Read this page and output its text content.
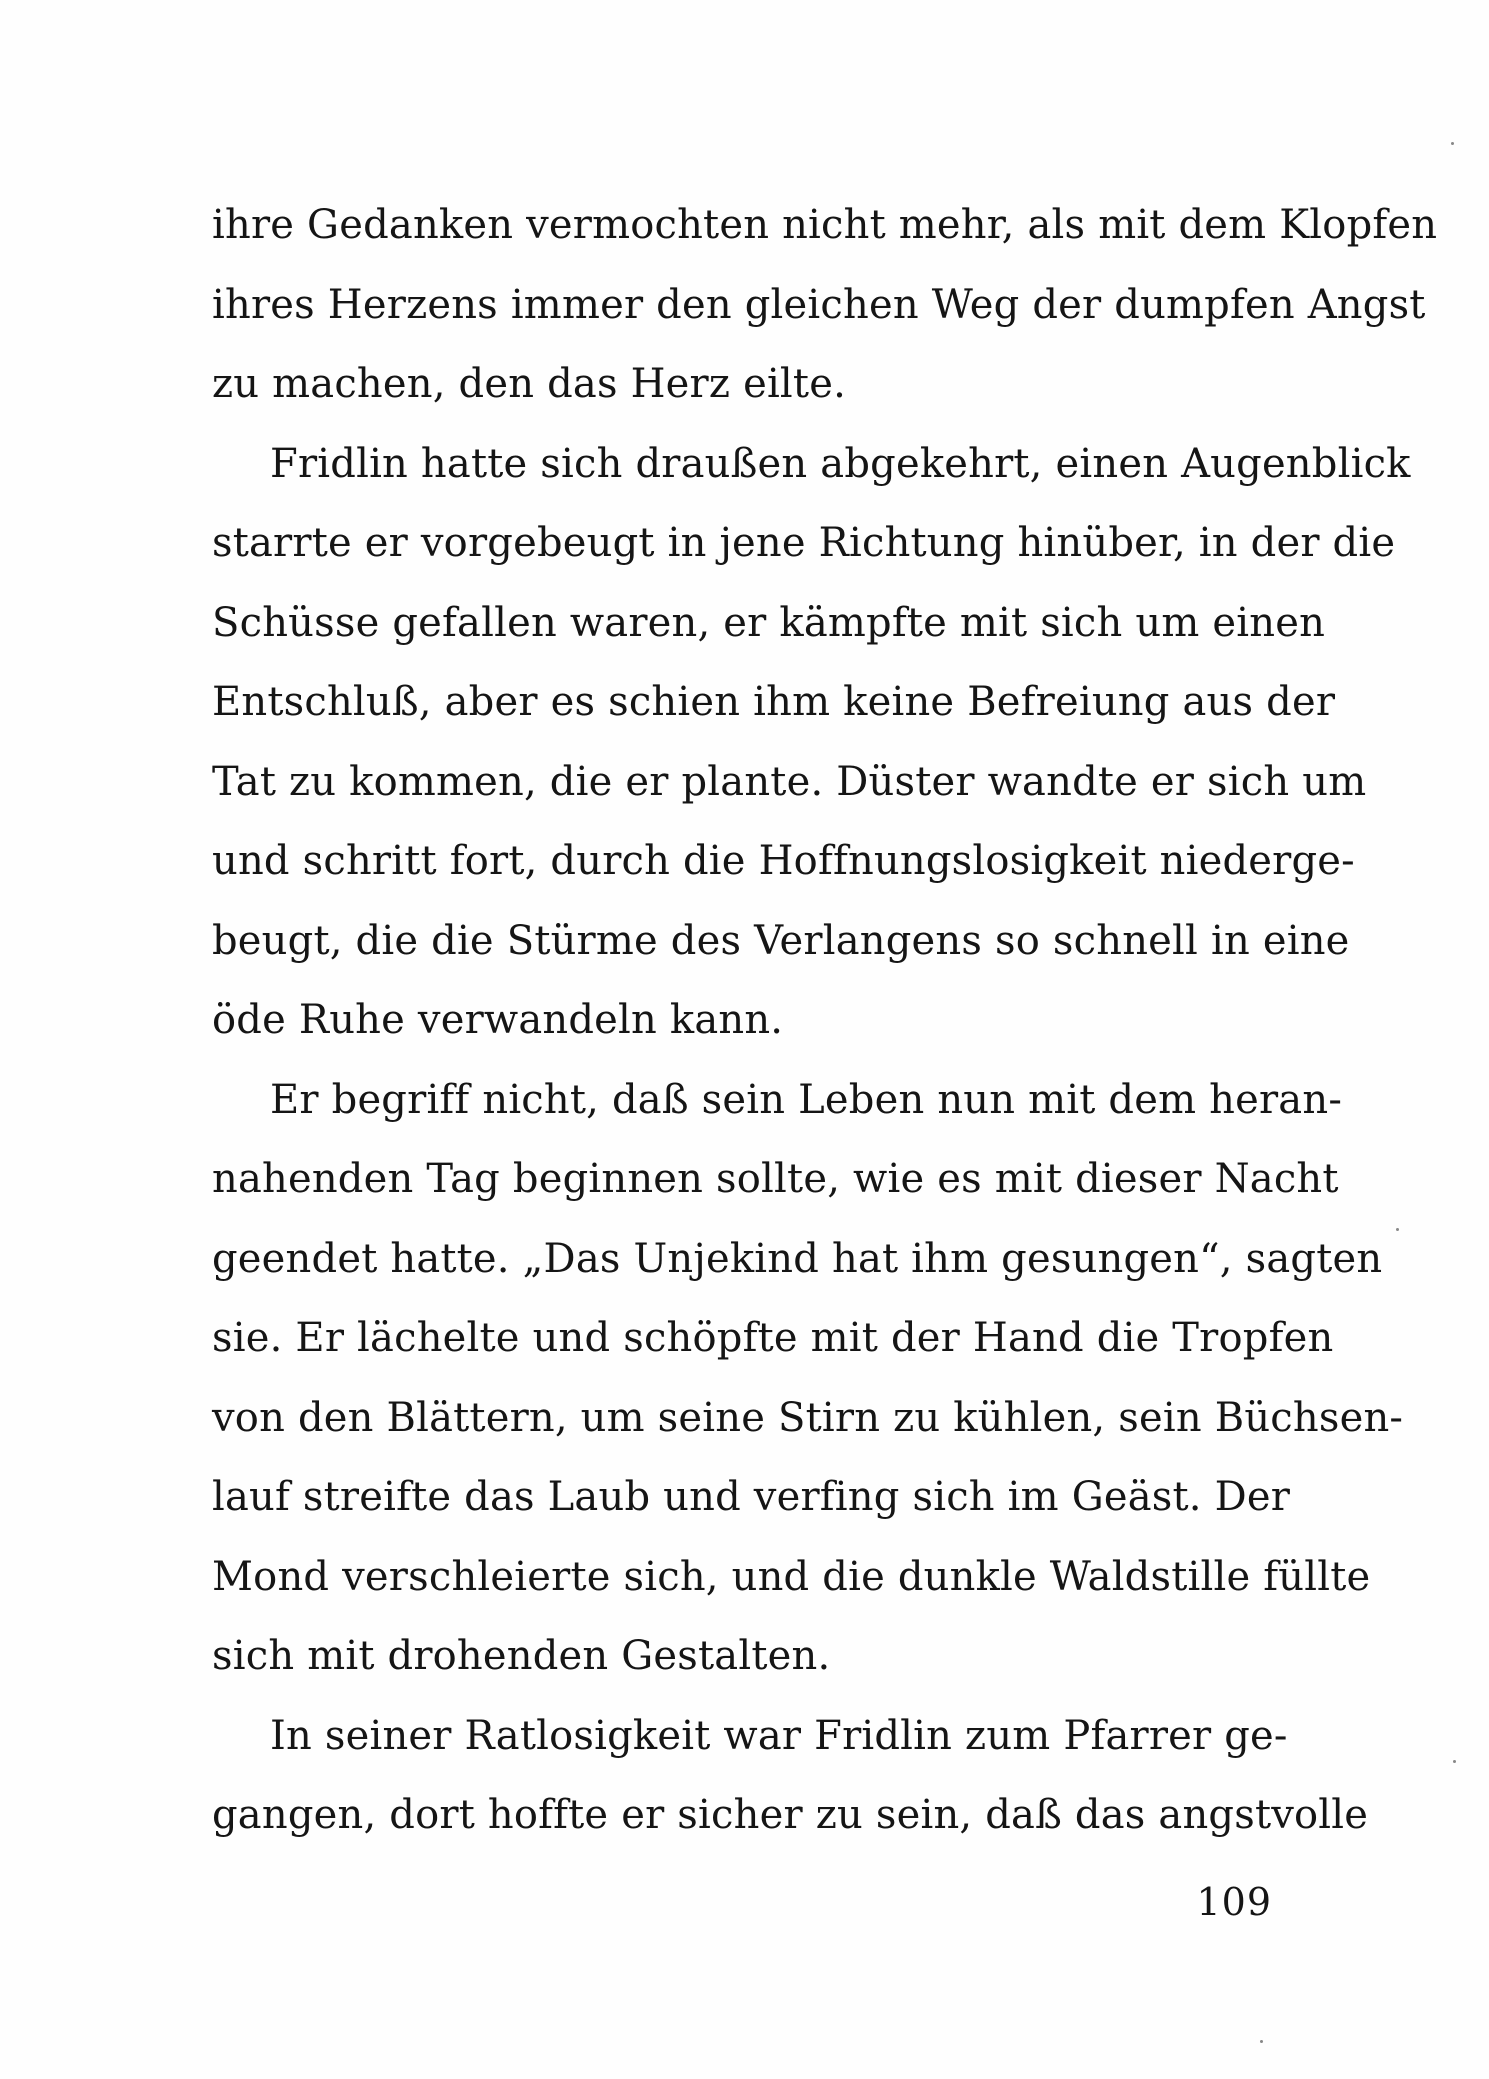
ihre Gedanken vermochten nicht mehr, als mit dem Klopfen
ihres Herzens immer den gleichen Weg der dumpfen Angst
zu machen, den das Herz eilte.

Fridlin hatte sich draußen abgekehrt, einen Augenblick
starrte er vorgebeugt in jene Richtung hinüber, in der die
Schüsse gefallen waren, er kämpfte mit sich um einen
Entschluß, aber es schien ihm keine Befreiung aus der
Tat zu kommen, die er plante. Düster wandte er sich um
und schritt fort, durch die Hoffnungslosigkeit niederge-
beugt, die die Stürme des Verlangens so schnell in eine
öde Ruhe verwandeln kann.

Er begriff nicht, daß sein Leben nun mit dem heran-
nahenden Tag beginnen sollte, wie es mit dieser Nacht
geendet hatte. „Das Unjekind hat ihm gesungen“, sagten
sie. Er lächelte und schöpfte mit der Hand die Tropfen
von den Blättern, um seine Stirn zu kühlen, sein Büchsen-
lauf streifte das Laub und verfing sich im Geäst. Der
Mond verschleierte sich, und die dunkle Waldstille füllte
sich mit drohenden Gestalten.

In seiner Ratlosigkeit war Fridlin zum Pfarrer ge-
gangen, dort hoffte er sicher zu sein, daß das angstvolle

109
